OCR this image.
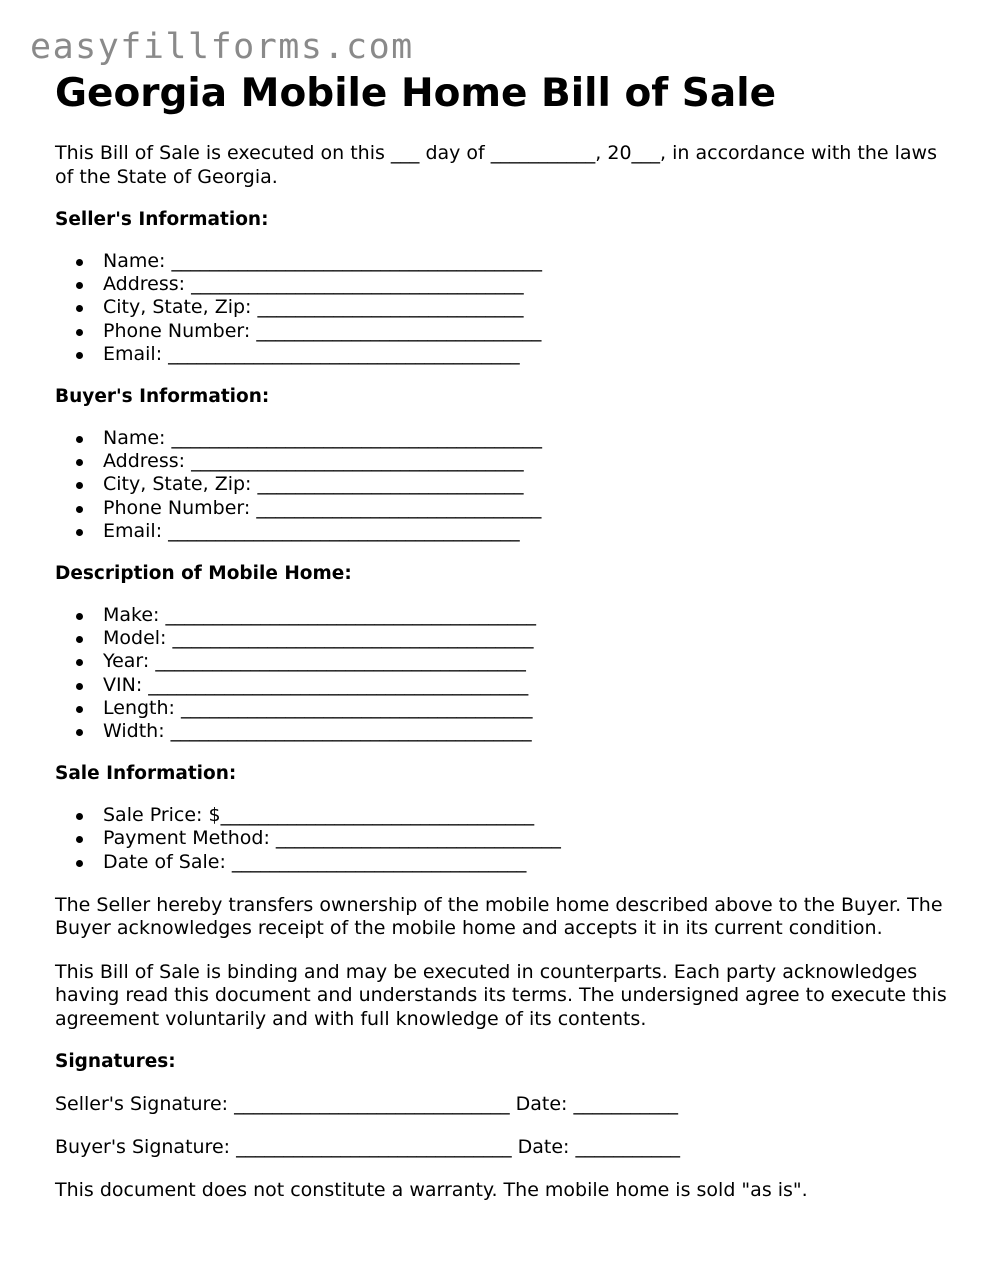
easyfillforms.com
Georgia Mobile Home Bill of Sale

This Bill of Sale is executed on this ___ day of ___________, 20___, in accordance with the laws of the State of Georgia.

Seller's Information:
Name: _______________________________________
Address: ___________________________________
City, State, Zip: ____________________________
Phone Number: ______________________________
Email: _____________________________________
Buyer's Information:
Name: _______________________________________
Address: ___________________________________
City, State, Zip: ____________________________
Phone Number: ______________________________
Email: _____________________________________
Description of Mobile Home:
Make: _______________________________________
Model: ______________________________________
Year: _______________________________________
VIN: ________________________________________
Length: _____________________________________
Width: ______________________________________
Sale Information:
Sale Price: $_________________________________
Payment Method: ______________________________
Date of Sale: _______________________________

The Seller hereby transfers ownership of the mobile home described above to the Buyer. The Buyer acknowledges receipt of the mobile home and accepts it in its current condition.

This Bill of Sale is binding and may be executed in counterparts. Each party acknowledges having read this document and understands its terms. The undersigned agree to execute this agreement voluntarily and with full knowledge of its contents.

Signatures:

Seller's Signature: _____________________________ Date: ___________

Buyer's Signature: _____________________________ Date: ___________

This document does not constitute a warranty. The mobile home is sold "as is".
